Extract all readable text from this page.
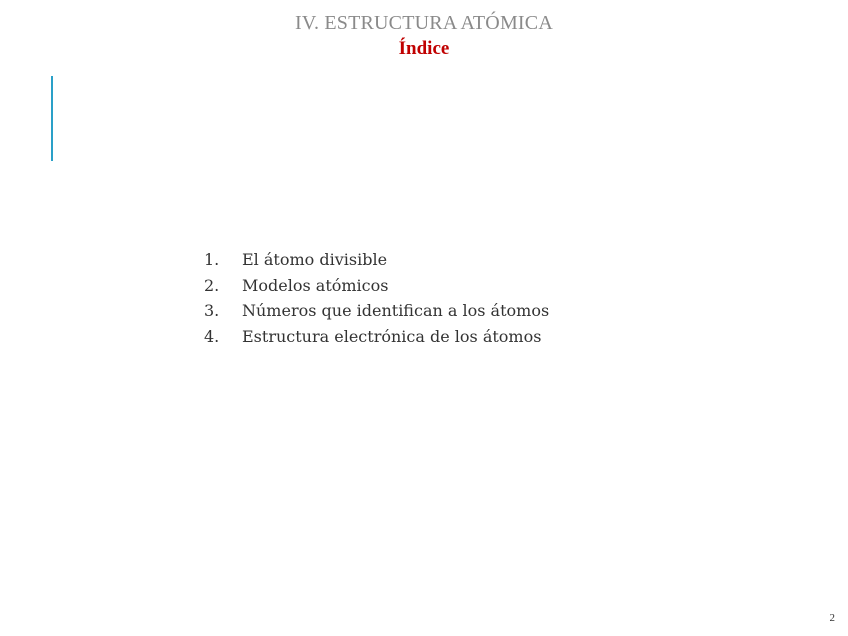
IV. ESTRUCTURA ATÓMICA
Índice
1. El átomo divisible
2. Modelos atómicos
3. Números que identifican a los átomos
4. Estructura electrónica de los átomos
2
